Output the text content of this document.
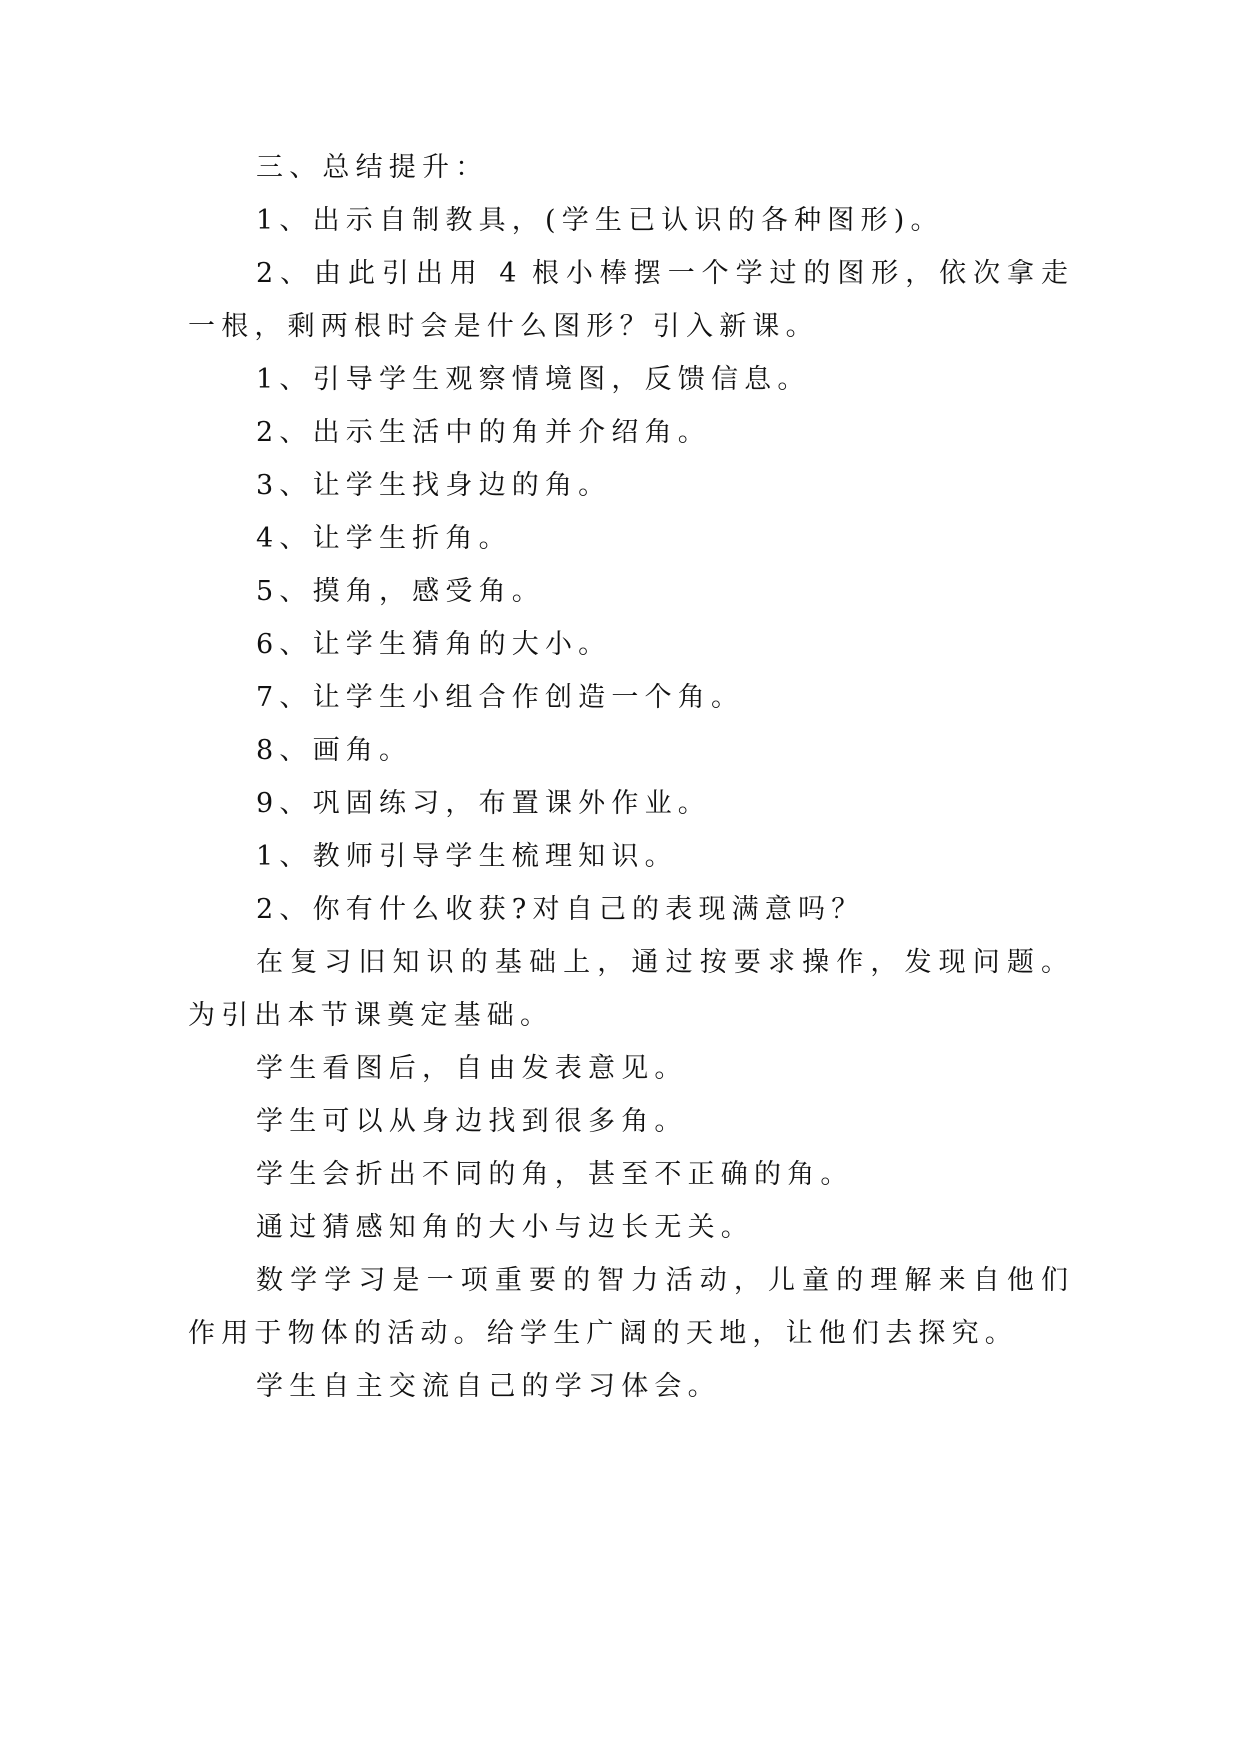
三、总结提升：
1、出示自制教具，(学生已认识的各种图形)。
2、由此引出用 4 根小棒摆一个学过的图形，依次拿走
一根，剩两根时会是什么图形？引入新课。
1、引导学生观察情境图，反馈信息。
2、出示生活中的角并介绍角。
3、让学生找身边的角。
4、让学生折角。
5、摸角，感受角。
6、让学生猜角的大小。
7、让学生小组合作创造一个角。
8、画角。
9、巩固练习，布置课外作业。
1、教师引导学生梳理知识。
2、你有什么收获?对自己的表现满意吗？
在复习旧知识的基础上，通过按要求操作，发现问题。
为引出本节课奠定基础。
学生看图后，自由发表意见。
学生可以从身边找到很多角。
学生会折出不同的角，甚至不正确的角。
通过猜感知角的大小与边长无关。
数学学习是一项重要的智力活动，儿童的理解来自他们
作用于物体的活动。给学生广阔的天地，让他们去探究。
学生自主交流自己的学习体会。
